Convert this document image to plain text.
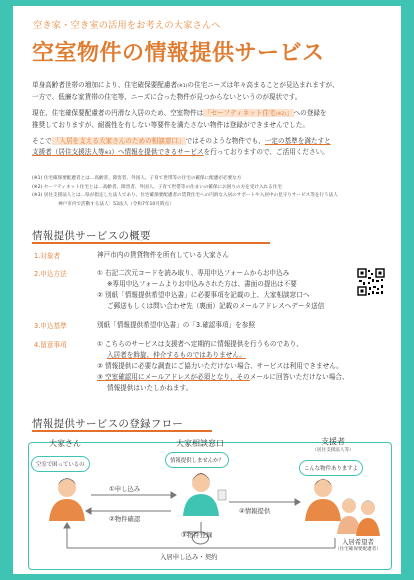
空き家・空き室の活用をお考えの大家さんへ
空室物件の情報提供サービス

単身高齢者世帯の増加により、住宅確保要配慮者(※1)の住宅ニーズは年々高まることが見込まれますが、

一方で、低廉な家賃帯の住宅等、ニーズに合った物件が見つからないというのが現状です。

現在、住宅確保要配慮者の円滑な入居のため、空室物件は「セーフティネット住宅(※2)」への登録を

推奨しておりますが、耐震性を有しない等要件を満たさない物件は登録ができませんでした。

そこで「入居を支える大家さんのための相談窓口」ではそのような物件でも、一定の基準を満たすと

支援者（居住支援法人等※3）へ情報を提供できるサービスを行っておりますので、ご活用ください。

(※1) 住宅確保要配慮者とは…高齢者、障害者、外国人、子育て世帯等の住宅の確保に配慮が必要な方
(※2) セーフティネット住宅とは…高齢者、障害者、外国人、子育て世帯等の住まいの確保にお困りの方を受け入れる住宅
(※3) 居住支援法人とは…県が指定した法人であり、住宅確保要配慮者の賃貸住宅への円滑な入居のサポートや入居中の見守りサービス等を行う法人
神戸市内で活動する法人：53法人（令和7年10月時点）
情報提供サービスの概要
1.対象者	神戸市内の賃貸物件を所有している大家さん

2.申込方法	① 右記二次元コードを読み取り、専用申込フォームからお申込み

※専用申込フォームよりお申込みされた方は、書面の提出は不要

② 別紙「情報提供希望申込書」に必要事項を記載の上、大家相談窓口へ

ご郵送もしくは問い合わせ先（裏面）記載のメールアドレスへデータ送信

3.申込基準	別紙「情報提供希望申込書」の「3.確認事項」を参照

4.留意事項	① こちらのサービスは支援者へ定期的に情報提供を行うものであり、

入居者を斡旋、仲介するものではありません。

② 情報提供に必要な調査にご協力いただけない場合、サービスは利用できません。

③ 空室確認用にメールアドレスが必須となり、そのメールに回答いただけない場合、

情報提供はいたしかねます。

情報提供サービスの登録フロー
大家さん	大家相談窓口	支援者
（居住支援法人等）
空室で困っているの
情報提供しませんか？
こんな物件ありますよ
①申し込み
②物件確認
④情報提供
③物件登録
入居申し込み・契約
入居希望者
（住宅確保要配慮者）
